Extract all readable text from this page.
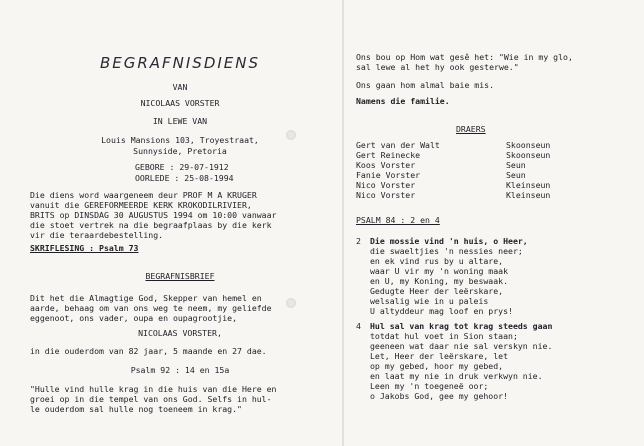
BEGRAFNISDIENS
VAN
NICOLAAS VORSTER
IN LEWE VAN
Louis Mansions 103, Troyestraat,
Sunnyside, Pretoria
GEBORE : 29-07-1912
OORLEDE : 25-08-1994
Die diens word waargeneem deur PROF M A KRUGER
vanuit die GEREFORMEERDE KERK KROKODILRIVIER,
BRITS op DINSDAG 30 AUGUSTUS 1994 om 10:00 vanwaar
die stoet vertrek na die begraafplaas by die kerk
vir die teraardebestelling.
SKRIFLESING : Psalm 73
BEGRAFNISBRIEF
Dit het die Almagtige God, Skepper van hemel en
aarde, behaag om van ons weg te neem, my geliefde
eggenoot, ons vader, oupa en oupagrootjie,
NICOLAAS VORSTER,
in die ouderdom van 82 jaar, 5 maande en 27 dae.
Psalm 92 : 14 en 15a
"Hulle vind hulle krag in die huis van die Here en
groei op in die tempel van ons God. Selfs in hul-
le ouderdom sal hulle nog toeneem in krag."
Ons bou op Hom wat gesê het: "Wie in my glo,
sal lewe al het hy ook gesterwe."
Ons gaan hom almal baie mis.
Namens die familie.
DRAERS
Gert van der Walt	Skoonseun
Gert Reinecke	Skoonseun
Koos Vorster	Seun
Fanie Vorster	Seun
Nico Vorster	Kleinseun
Nico Vorster	Kleinseun
PSALM 84 : 2 en 4
2 Die mossie vind 'n huis, o Heer,
die swaeltjies 'n nessies neer;
en ek vind rus by u altare,
waar U vir my 'n woning maak
en U, my Koning, my beswaak.
Gedugte Heer der leërskare,
welsalig wie in u paleis
U altyddeur mag loof en prys!
4 Hul sal van krag tot krag steeds gaan
totdat hul voet in Sion staan;
geeneen wat daar nie sal verskyn nie.
Let, Heer der leërskare, let
op my gebed, hoor my gebed,
en laat my nie in druk verkwyn nie.
Leen my 'n toegeneë oor;
o Jakobs God, gee my gehoor!
